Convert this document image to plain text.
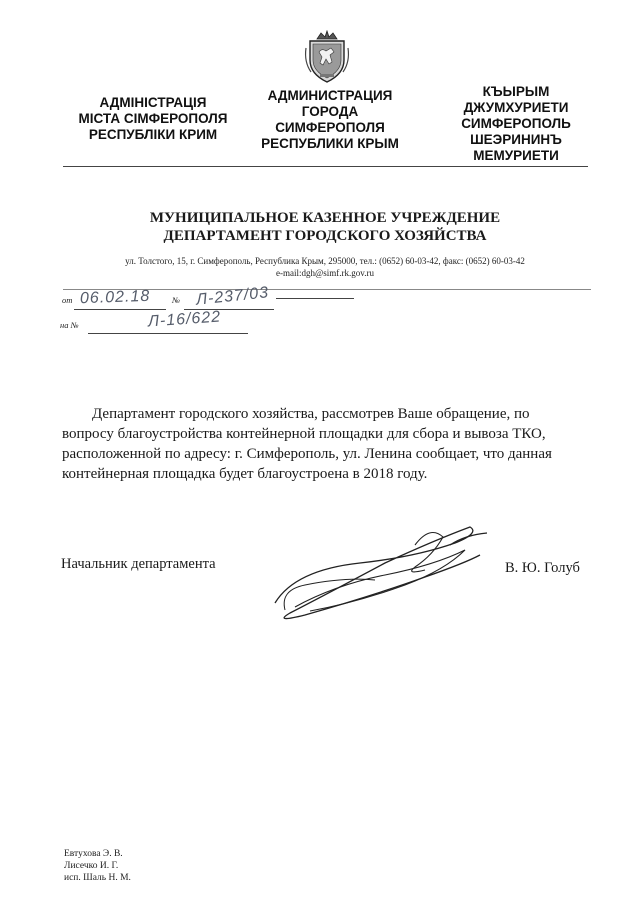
АДМІНІСТРАЦІЯ
МІСТА СІМФЕРОПОЛЯ
РЕСПУБЛІКИ КРИМ
АДМИНИСТРАЦИЯ
ГОРОДА
СИМФЕРОПОЛЯ
РЕСПУБЛИКИ КРЫМ
КЪЫРЫМ
ДЖУМХУРИЕТИ
СИМФЕРОПОЛЬ
ШЕЭРИНИНЪ
МЕМУРИЕТИ
МУНИЦИПАЛЬНОЕ КАЗЕННОЕ УЧРЕЖДЕНИЕ
ДЕПАРТАМЕНТ ГОРОДСКОГО ХОЗЯЙСТВА
ул. Толстого, 15, г. Симферополь, Республика Крым, 295000, тел.: (0652) 60-03-42, факс: (0652) 60-03-42
e-mail:dgh@simf.rk.gov.ru
от 06.02.18	№ Л-237/03
на №	Л-16/622
Департамент городского хозяйства, рассмотрев Ваше обращение, по
вопросу благоустройства контейнерной площадки для сбора и вывоза ТКО,
расположенной по адресу: г. Симферополь, ул. Ленина сообщает, что данная
контейнерная площадка будет благоустроена в 2018 году.
Начальник департамента	В. Ю. Голуб
Евтухова Э. В.
Лисечко И. Г.
исп. Шаль Н. М.
